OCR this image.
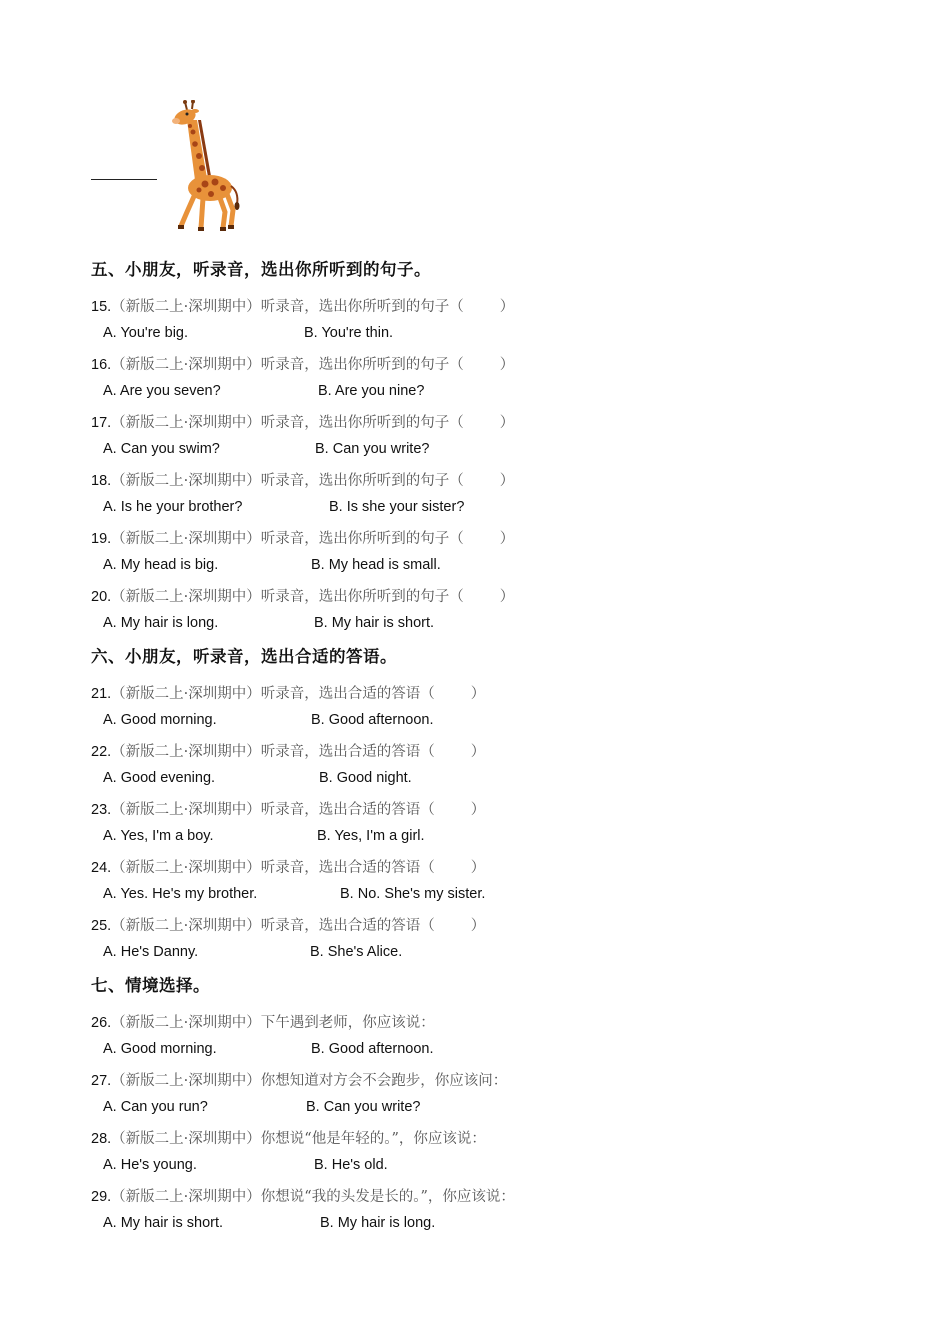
五、小朋友，听录音，选出你所听到的句子。
六、小朋友，听录音，选出合适的答语。
七、情境选择。
15.（新版二上·深圳期中）听录音，选出你所听到的句子（ ）
A. You're big.	B. You're thin.
16.（新版二上·深圳期中）听录音，选出你所听到的句子（ ）
A. Are you seven?	B. Are you nine?
17.（新版二上·深圳期中）听录音，选出你所听到的句子（ ）
A. Can you swim?	B. Can you write?
18.（新版二上·深圳期中）听录音，选出你所听到的句子（ ）
A. Is he your brother?	B. Is she your sister?
19.（新版二上·深圳期中）听录音，选出你所听到的句子（ ）
A. My head is big.	B. My head is small.
20.（新版二上·深圳期中）听录音，选出你所听到的句子（ ）
A. My hair is long.	B. My hair is short.
21.（新版二上·深圳期中）听录音，选出合适的答语（ ）
A. Good morning.	B. Good afternoon.
22.（新版二上·深圳期中）听录音，选出合适的答语（ ）
A. Good evening.	B. Good night.
23.（新版二上·深圳期中）听录音，选出合适的答语（ ）
A. Yes, I'm a boy.	B. Yes, I'm a girl.
24.（新版二上·深圳期中）听录音，选出合适的答语（ ）
A. Yes. He's my brother.	B. No. She's my sister.
25.（新版二上·深圳期中）听录音，选出合适的答语（ ）
A. He's Danny.	B. She's Alice.
26.（新版二上·深圳期中）下午遇到老师，你应该说：
A. Good morning.	B. Good afternoon.
27.（新版二上·深圳期中）你想知道对方会不会跑步，你应该问：
A. Can you run?	B. Can you write?
28.（新版二上·深圳期中）你想说“他是年轻的。”，你应该说：
A. He's young.	B. He's old.
29.（新版二上·深圳期中）你想说“我的头发是长的。”，你应该说：
A. My hair is short.	B. My hair is long.
